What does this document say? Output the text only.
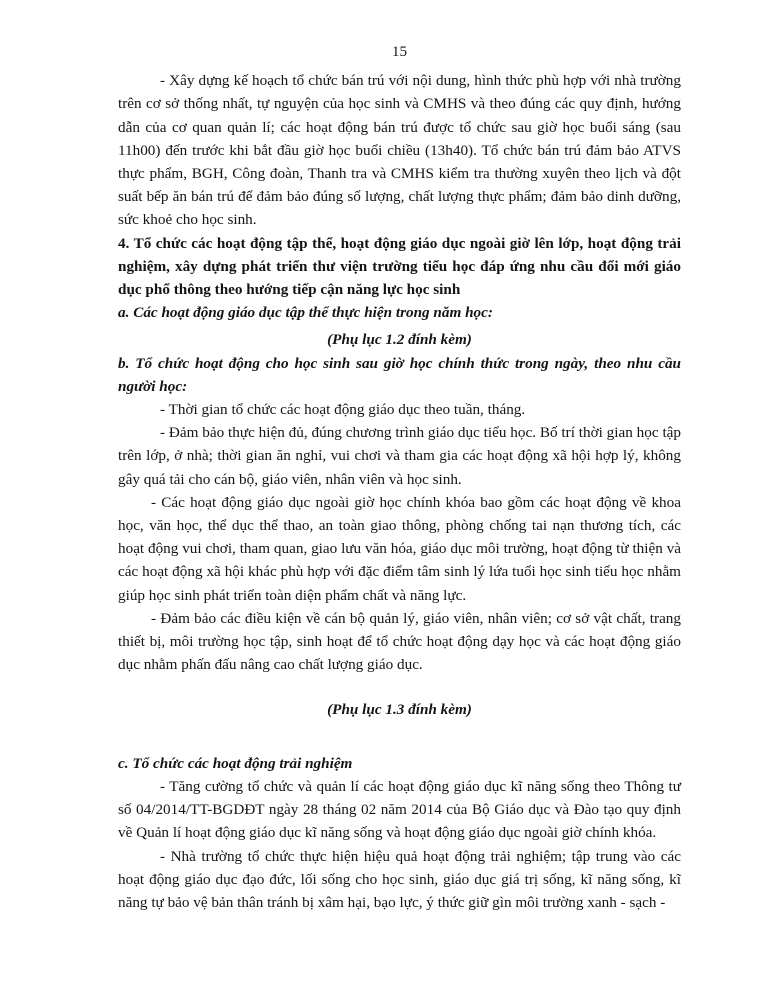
15

- Xây dựng kế hoạch tổ chức bán trú với nội dung, hình thức phù hợp với nhà trường trên cơ sở thống nhất, tự nguyện của học sinh và CMHS và theo đúng các quy định, hướng dẫn của cơ quan quản lí; các hoạt động bán trú được tổ chức sau giờ học buổi sáng (sau 11h00) đến trước khi bắt đầu giờ học buổi chiều (13h40). Tổ chức bán trú đảm bảo ATVS thực phẩm, BGH, Công đoàn, Thanh tra và CMHS kiểm tra thường xuyên theo lịch và đột suất bếp ăn bán trú để đảm bảo đúng số lượng, chất lượng thực phẩm; đảm bảo dinh dưỡng, sức khoẻ cho học sinh.

4. Tổ chức các hoạt động tập thể, hoạt động giáo dục ngoài giờ lên lớp, hoạt động trải nghiệm, xây dựng phát triển thư viện trường tiểu học đáp ứng nhu cầu đổi mới giáo dục phổ thông theo hướng tiếp cận năng lực học sinh

a. Các hoạt động giáo dục tập thể thực hiện trong năm học:

(Phụ lục 1.2 đính kèm)

b. Tổ chức hoạt động cho học sinh sau giờ học chính thức trong ngày, theo nhu cầu người học:

- Thời gian tổ chức các hoạt động giáo dục theo tuần, tháng.

- Đảm bảo thực hiện đủ, đúng chương trình giáo dục tiểu học. Bố trí thời gian học tập trên lớp, ở nhà; thời gian ăn nghỉ, vui chơi và tham gia các hoạt động xã hội hợp lý, không gây quá tải cho cán bộ, giáo viên, nhân viên và học sinh.

- Các hoạt động giáo dục ngoài giờ học chính khóa bao gồm các hoạt động về khoa học, văn học, thể dục thể thao, an toàn giao thông, phòng chống tai nạn thương tích, các hoạt động vui chơi, tham quan, giao lưu văn hóa, giáo dục môi trường, hoạt động từ thiện và các hoạt động xã hội khác phù hợp với đặc điểm tâm sinh lý lứa tuổi học sinh tiểu học nhằm giúp học sinh phát triển toàn diện phẩm chất và năng lực.

- Đảm bảo các điều kiện về cán bộ quản lý, giáo viên, nhân viên; cơ sở vật chất, trang thiết bị, môi trường học tập, sinh hoạt để tổ chức hoạt động dạy học và các hoạt động giáo dục nhằm phấn đấu nâng cao chất lượng giáo dục.

(Phụ lục 1.3 đính kèm)

c. Tổ chức các hoạt động trải nghiệm

- Tăng cường tổ chức và quản lí các hoạt động giáo dục kĩ năng sống theo Thông tư số 04/2014/TT-BGDĐT ngày 28 tháng 02 năm 2014 của Bộ Giáo dục và Đào tạo quy định về Quản lí hoạt động giáo dục kĩ năng sống và hoạt động giáo dục ngoài giờ chính khóa.

- Nhà trường tổ chức thực hiện hiệu quả hoạt động trải nghiệm; tập trung vào các hoạt động giáo dục đạo đức, lối sống cho học sinh, giáo dục giá trị sống, kĩ năng sống, kĩ năng tự bảo vệ bản thân tránh bị xâm hại, bạo lực, ý thức giữ gìn môi trường xanh - sạch -
